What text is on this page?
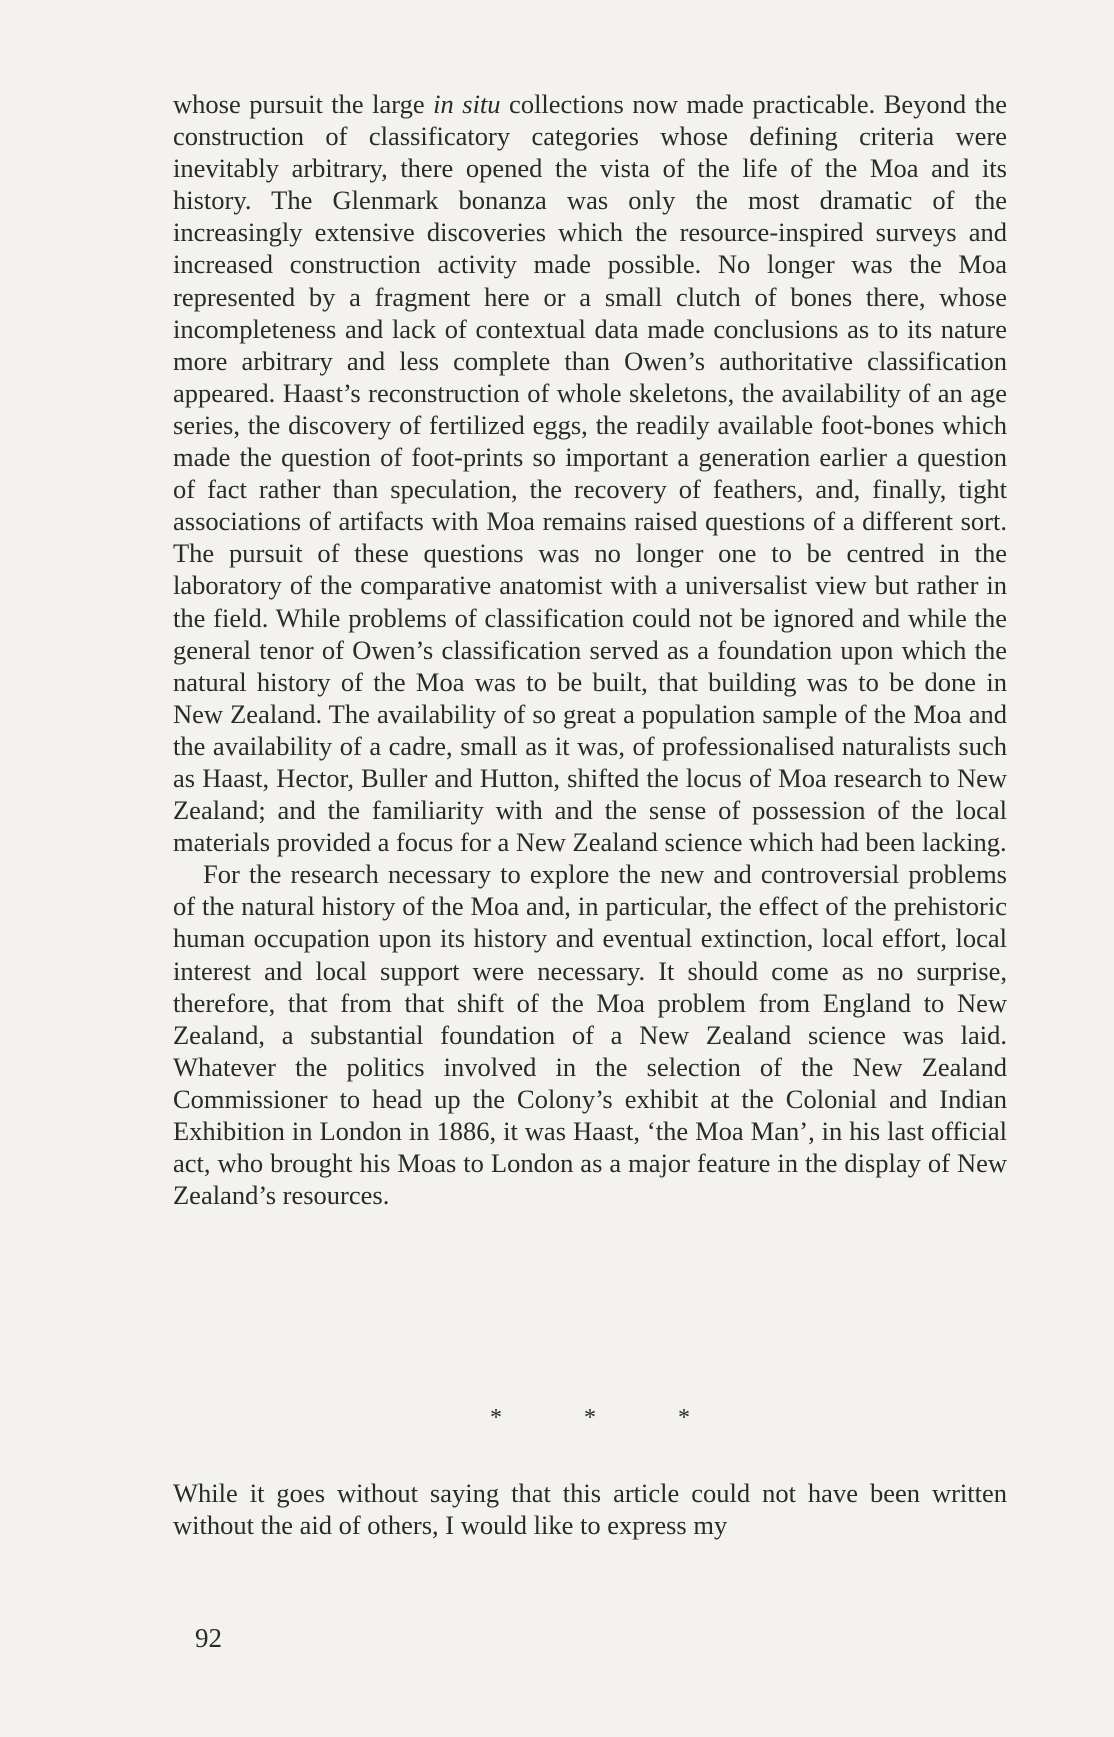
whose pursuit the large in situ collections now made practicable. Beyond the construction of classificatory categories whose defining criteria were inevitably arbitrary, there opened the vista of the life of the Moa and its history. The Glenmark bonanza was only the most dramatic of the increasingly extensive discoveries which the resource-inspired surveys and increased construction activity made possible. No longer was the Moa represented by a fragment here or a small clutch of bones there, whose incompleteness and lack of contextual data made conclusions as to its nature more arbitrary and less complete than Owen’s authoritative classification appeared. Haast’s reconstruction of whole skeletons, the availability of an age series, the discovery of fertilized eggs, the readily available foot-bones which made the question of foot-prints so important a generation earlier a question of fact rather than speculation, the recovery of feathers, and, finally, tight associations of artifacts with Moa remains raised questions of a different sort. The pursuit of these questions was no longer one to be centred in the laboratory of the comparative anatomist with a universalist view but rather in the field. While problems of classification could not be ignored and while the general tenor of Owen’s classification served as a foundation upon which the natural history of the Moa was to be built, that building was to be done in New Zealand. The availability of so great a population sample of the Moa and the availability of a cadre, small as it was, of professionalised naturalists such as Haast, Hector, Buller and Hutton, shifted the locus of Moa research to New Zealand; and the familiarity with and the sense of possession of the local materials provided a focus for a New Zealand science which had been lacking.

For the research necessary to explore the new and controversial problems of the natural history of the Moa and, in particular, the effect of the prehistoric human occupation upon its history and eventual extinction, local effort, local interest and local support were necessary. It should come as no surprise, therefore, that from that shift of the Moa problem from England to New Zealand, a substantial foundation of a New Zealand science was laid. Whatever the politics involved in the selection of the New Zealand Commissioner to head up the Colony’s exhibit at the Colonial and Indian Exhibition in London in 1886, it was Haast, ‘the Moa Man’, in his last official act, who brought his Moas to London as a major feature in the display of New Zealand’s resources.

*	*	*

While it goes without saying that this article could not have been written without the aid of others, I would like to express my

92
